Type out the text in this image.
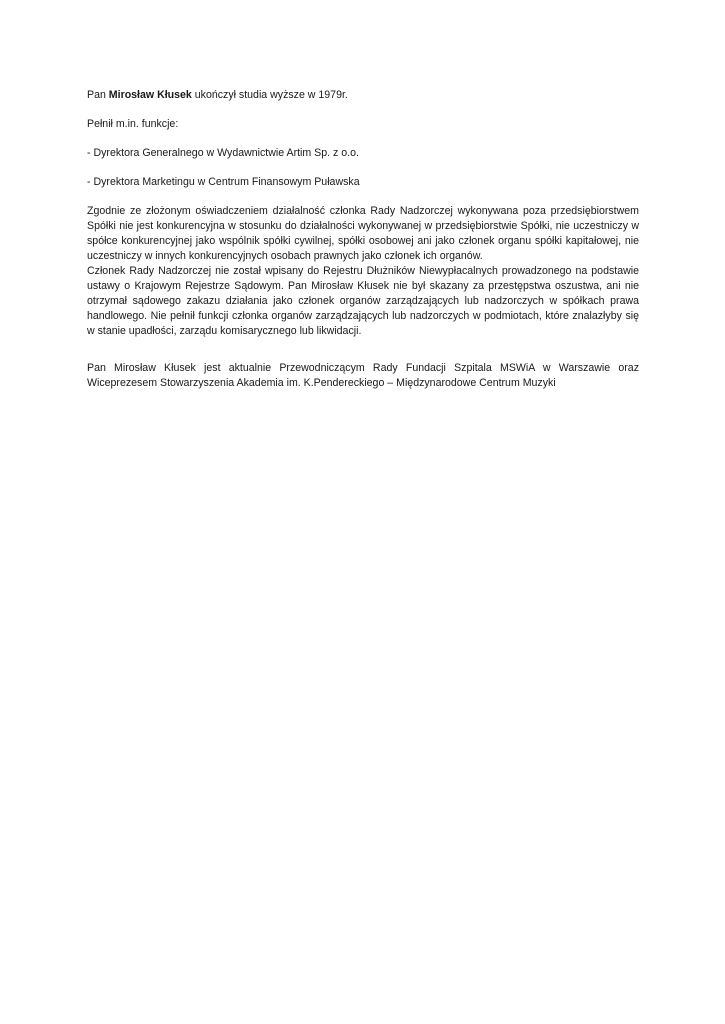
Pan Mirosław Kłusek ukończył studia wyższe w 1979r.

Pełnił m.in. funkcje:

- Dyrektora Generalnego w Wydawnictwie Artim Sp. z o.o.

- Dyrektora Marketingu w Centrum Finansowym Puławska

Zgodnie ze złożonym oświadczeniem działalność członka Rady Nadzorczej wykonywana poza przedsiębiorstwem Spółki nie jest konkurencyjna w stosunku do działalności wykonywanej w przedsiębiorstwie Spółki, nie uczestniczy w spółce konkurencyjnej jako wspólnik spółki cywilnej, spółki osobowej ani jako członek organu spółki kapitałowej, nie uczestniczy w innych konkurencyjnych osobach prawnych jako członek ich organów.

Członek Rady Nadzorczej nie został wpisany do Rejestru Dłużników Niewypłacalnych prowadzonego na podstawie ustawy o Krajowym Rejestrze Sądowym. Pan Mirosław Kłusek nie był skazany za przestępstwa oszustwa, ani nie otrzymał sądowego zakazu działania jako członek organów zarządzających lub nadzorczych w spółkach prawa handlowego. Nie pełnił funkcji członka organów zarządzających lub nadzorczych w podmiotach, które znalazłyby się w stanie upadłości, zarządu komisarycznego lub likwidacji.

Pan Mirosław Kłusek jest aktualnie Przewodniczącym Rady Fundacji Szpitala MSWiA w Warszawie oraz Wiceprezesem Stowarzyszenia Akademia im. K.Pendereckiego – Międzynarodowe Centrum Muzyki
